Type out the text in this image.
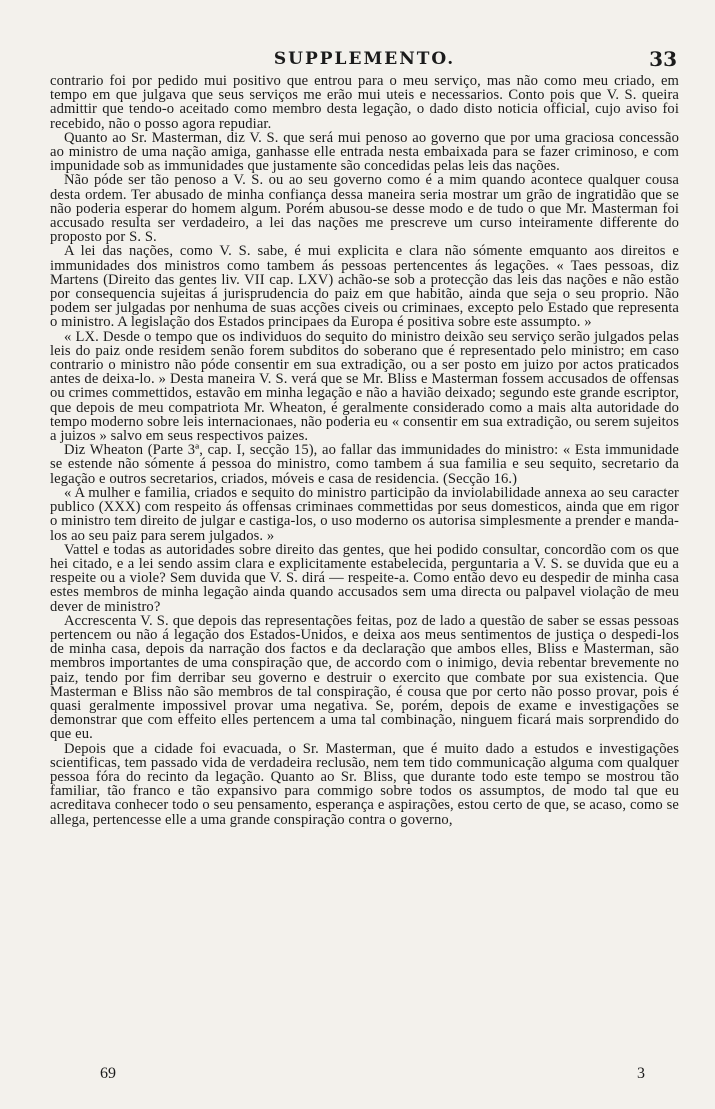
SUPPLEMENTO.	33

contrario foi por pedido mui positivo que entrou para o meu serviço, mas não como meu criado, em tempo em que julgava que seus serviços me erão mui uteis e necessarios. Conto pois que V. S. queira admittir que tendo-o aceitado como membro desta legação, o dado disto noticia official, cujo aviso foi recebido, não o posso agora repudiar.

Quanto ao Sr. Masterman, diz V. S. que será mui penoso ao governo que por uma graciosa concessão ao ministro de uma nação amiga, ganhasse elle entrada nesta embaixada para se fazer criminoso, e com impunidade sob as immunidades que justamente são concedidas pelas leis das nações.

Não póde ser tão penoso a V. S. ou ao seu governo como é a mim quando acontece qualquer cousa desta ordem. Ter abusado de minha confiança dessa maneira seria mostrar um grão de ingratidão que se não poderia esperar do homem algum. Porém abusou-se desse modo e de tudo o que Mr. Masterman foi accusado resulta ser verdadeiro, a lei das nações me prescreve um curso inteiramente differente do proposto por S. S.

A lei das nações, como V. S. sabe, é mui explicita e clara não sómente emquanto aos direitos e immunidades dos ministros como tambem ás pessoas pertencentes ás legações. « Taes pessoas, diz Martens (Direito das gentes liv. VII cap. LXV) achão-se sob a protecção das leis das nações e não estão por consequencia sujeitas á jurisprudencia do paiz em que habitão, ainda que seja o seu proprio. Não podem ser julgadas por nenhuma de suas acções civeis ou criminaes, excepto pelo Estado que representa o ministro. A legislação dos Estados principaes da Europa é positiva sobre este assumpto. »

« LX. Desde o tempo que os individuos do sequito do ministro deixão seu serviço serão julgados pelas leis do paiz onde residem senão forem subditos do soberano que é representado pelo ministro; em caso contrario o ministro não póde consentir em sua extradição, ou a ser posto em juizo por actos praticados antes de deixa-lo. » Desta maneira V. S. verá que se Mr. Bliss e Masterman fossem accusados de offensas ou crimes commettidos, estavão em minha legação e não a havião deixado; segundo este grande escriptor, que depois de meu compatriota Mr. Wheaton, é geralmente considerado como a mais alta autoridade do tempo moderno sobre leis internacionaes, não poderia eu « consentir em sua extradição, ou serem sujeitos a juizos » salvo em seus respectivos paizes.

Diz Wheaton (Parte 3ª, cap. I, secção 15), ao fallar das immunidades do ministro: « Esta immunidade se estende não sómente á pessoa do ministro, como tambem á sua familia e seu sequito, secretario da legação e outros secretarios, criados, móveis e casa de residencia. (Secção 16.)

« A mulher e familia, criados e sequito do ministro participão da inviolabilidade annexa ao seu caracter publico (XXX) com respeito ás offensas criminaes commettidas por seus domesticos, ainda que em rigor o ministro tem direito de julgar e castiga-los, o uso moderno os autorisa simplesmente a prender e manda-los ao seu paiz para serem julgados. »

Vattel e todas as autoridades sobre direito das gentes, que hei podido consultar, concordão com os que hei citado, e a lei sendo assim clara e explicitamente estabelecida, perguntaria a V. S. se duvida que eu a respeite ou a viole? Sem duvida que V. S. dirá — respeite-a. Como então devo eu despedir de minha casa estes membros de minha legação ainda quando accusados sem uma directa ou palpavel violação de meu dever de ministro?

Accrescenta V. S. que depois das representações feitas, poz de lado a questão de saber se essas pessoas pertencem ou não á legação dos Estados-Unidos, e deixa aos meus sentimentos de justiça o despedi-los de minha casa, depois da narração dos factos e da declaração que ambos elles, Bliss e Masterman, são membros importantes de uma conspiração que, de accordo com o inimigo, devia rebentar brevemente no paiz, tendo por fim derribar seu governo e destruir o exercito que combate por sua existencia. Que Masterman e Bliss não são membros de tal conspiração, é cousa que por certo não posso provar, pois é quasi geralmente impossivel provar uma negativa. Se, porém, depois de exame e investigações se demonstrar que com effeito elles pertencem a uma tal combinação, ninguem ficará mais sorprendido do que eu.

Depois que a cidade foi evacuada, o Sr. Masterman, que é muito dado a estudos e investigações scientificas, tem passado vida de verdadeira reclusão, nem tem tido communicação alguma com qualquer pessoa fóra do recinto da legação. Quanto ao Sr. Bliss, que durante todo este tempo se mostrou tão familiar, tão franco e tão expansivo para commigo sobre todos os assumptos, de modo tal que eu acreditava conhecer todo o seu pensamento, esperança e aspirações, estou certo de que, se acaso, como se allega, pertencesse elle a uma grande conspiração contra o governo,

69	3
